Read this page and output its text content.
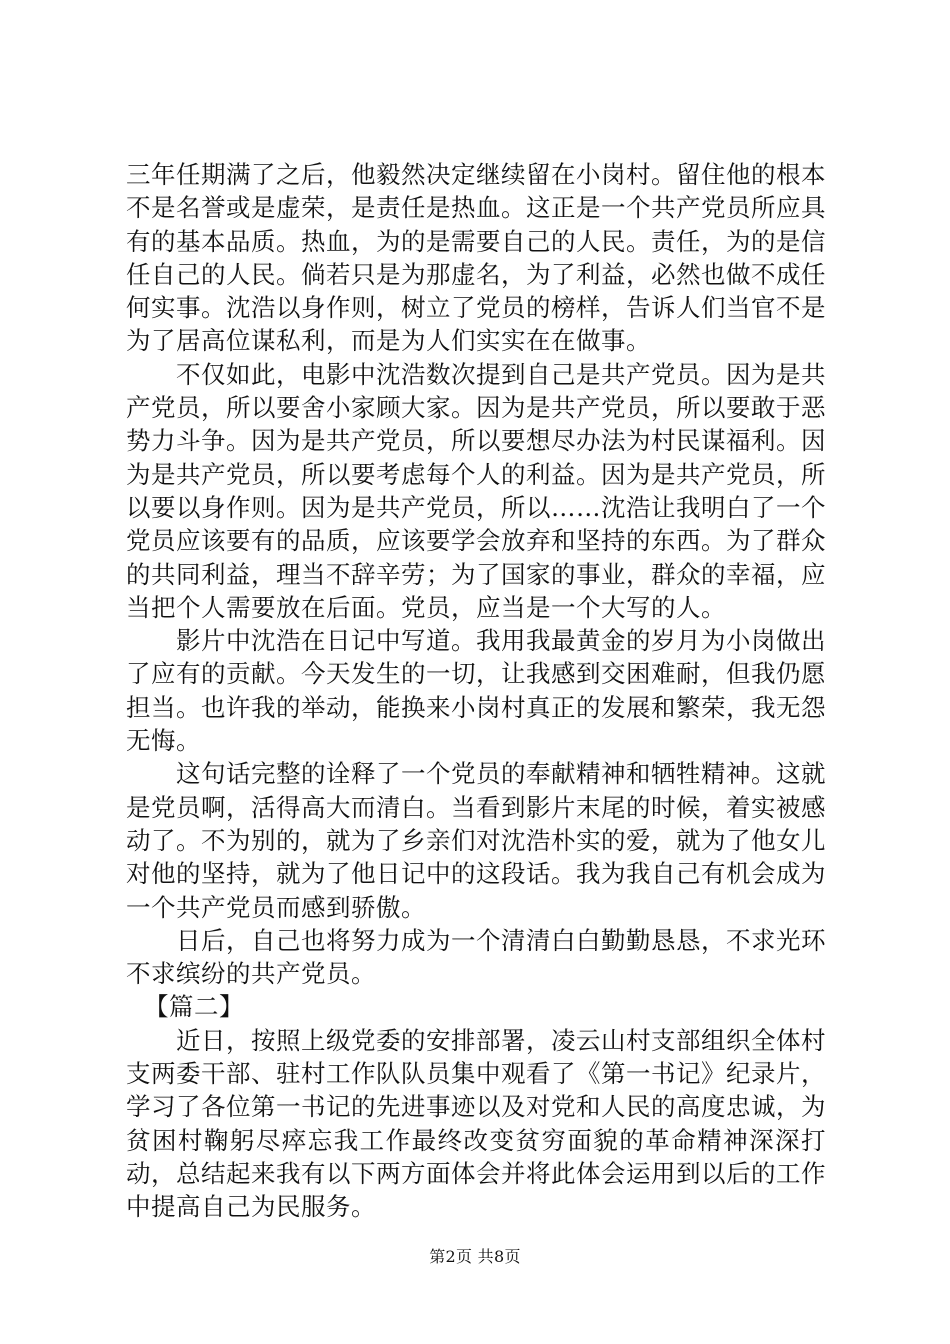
三年任期满了之后，他毅然决定继续留在小岗村。留住他的根本不是名誉或是虚荣，是责任是热血。这正是一个共产党员所应具有的基本品质。热血，为的是需要自己的人民。责任，为的是信任自己的人民。倘若只是为那虚名，为了利益，必然也做不成任何实事。沈浩以身作则，树立了党员的榜样，告诉人们当官不是为了居高位谋私利，而是为人们实实在在做事。

不仅如此，电影中沈浩数次提到自己是共产党员。因为是共产党员，所以要舍小家顾大家。因为是共产党员，所以要敢于恶势力斗争。因为是共产党员，所以要想尽办法为村民谋福利。因为是共产党员，所以要考虑每个人的利益。因为是共产党员，所以要以身作则。因为是共产党员，所以……沈浩让我明白了一个党员应该要有的品质，应该要学会放弃和坚持的东西。为了群众的共同利益，理当不辞辛劳；为了国家的事业，群众的幸福，应当把个人需要放在后面。党员，应当是一个大写的人。

影片中沈浩在日记中写道。我用我最黄金的岁月为小岗做出了应有的贡献。今天发生的一切，让我感到交困难耐，但我仍愿担当。也许我的举动，能换来小岗村真正的发展和繁荣，我无怨无悔。

这句话完整的诠释了一个党员的奉献精神和牺牲精神。这就是党员啊，活得高大而清白。当看到影片末尾的时候，着实被感动了。不为别的，就为了乡亲们对沈浩朴实的爱，就为了他女儿对他的坚持，就为了他日记中的这段话。我为我自己有机会成为一个共产党员而感到骄傲。

日后，自己也将努力成为一个清清白白勤勤恳恳，不求光环不求缤纷的共产党员。

【篇二】

近日，按照上级党委的安排部署，凌云山村支部组织全体村支两委干部、驻村工作队队员集中观看了《第一书记》纪录片，学习了各位第一书记的先进事迹以及对党和人民的高度忠诚，为贫困村鞠躬尽瘁忘我工作最终改变贫穷面貌的革命精神深深打动，总结起来我有以下两方面体会并将此体会运用到以后的工作中提高自己为民服务。

第2页 共8页
